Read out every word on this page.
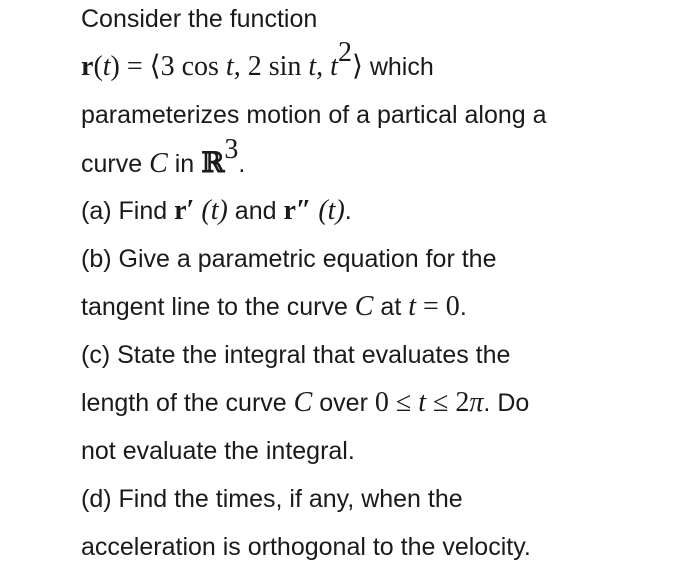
Consider the function
r(t) = ⟨3 cos t, 2 sin t, $t^2⟩$ which
parameterizes motion of a partical along a
curve C in ℝ$^3$.
(a) Find r′ (t) and r″ (t).
(b) Give a parametric equation for the
tangent line to the curve C at t = 0.
(c) State the integral that evaluates the
length of the curve C over 0 ≤ t ≤ 2π. Do
not evaluate the integral.
(d) Find the times, if any, when the
acceleration is orthogonal to the velocity.
